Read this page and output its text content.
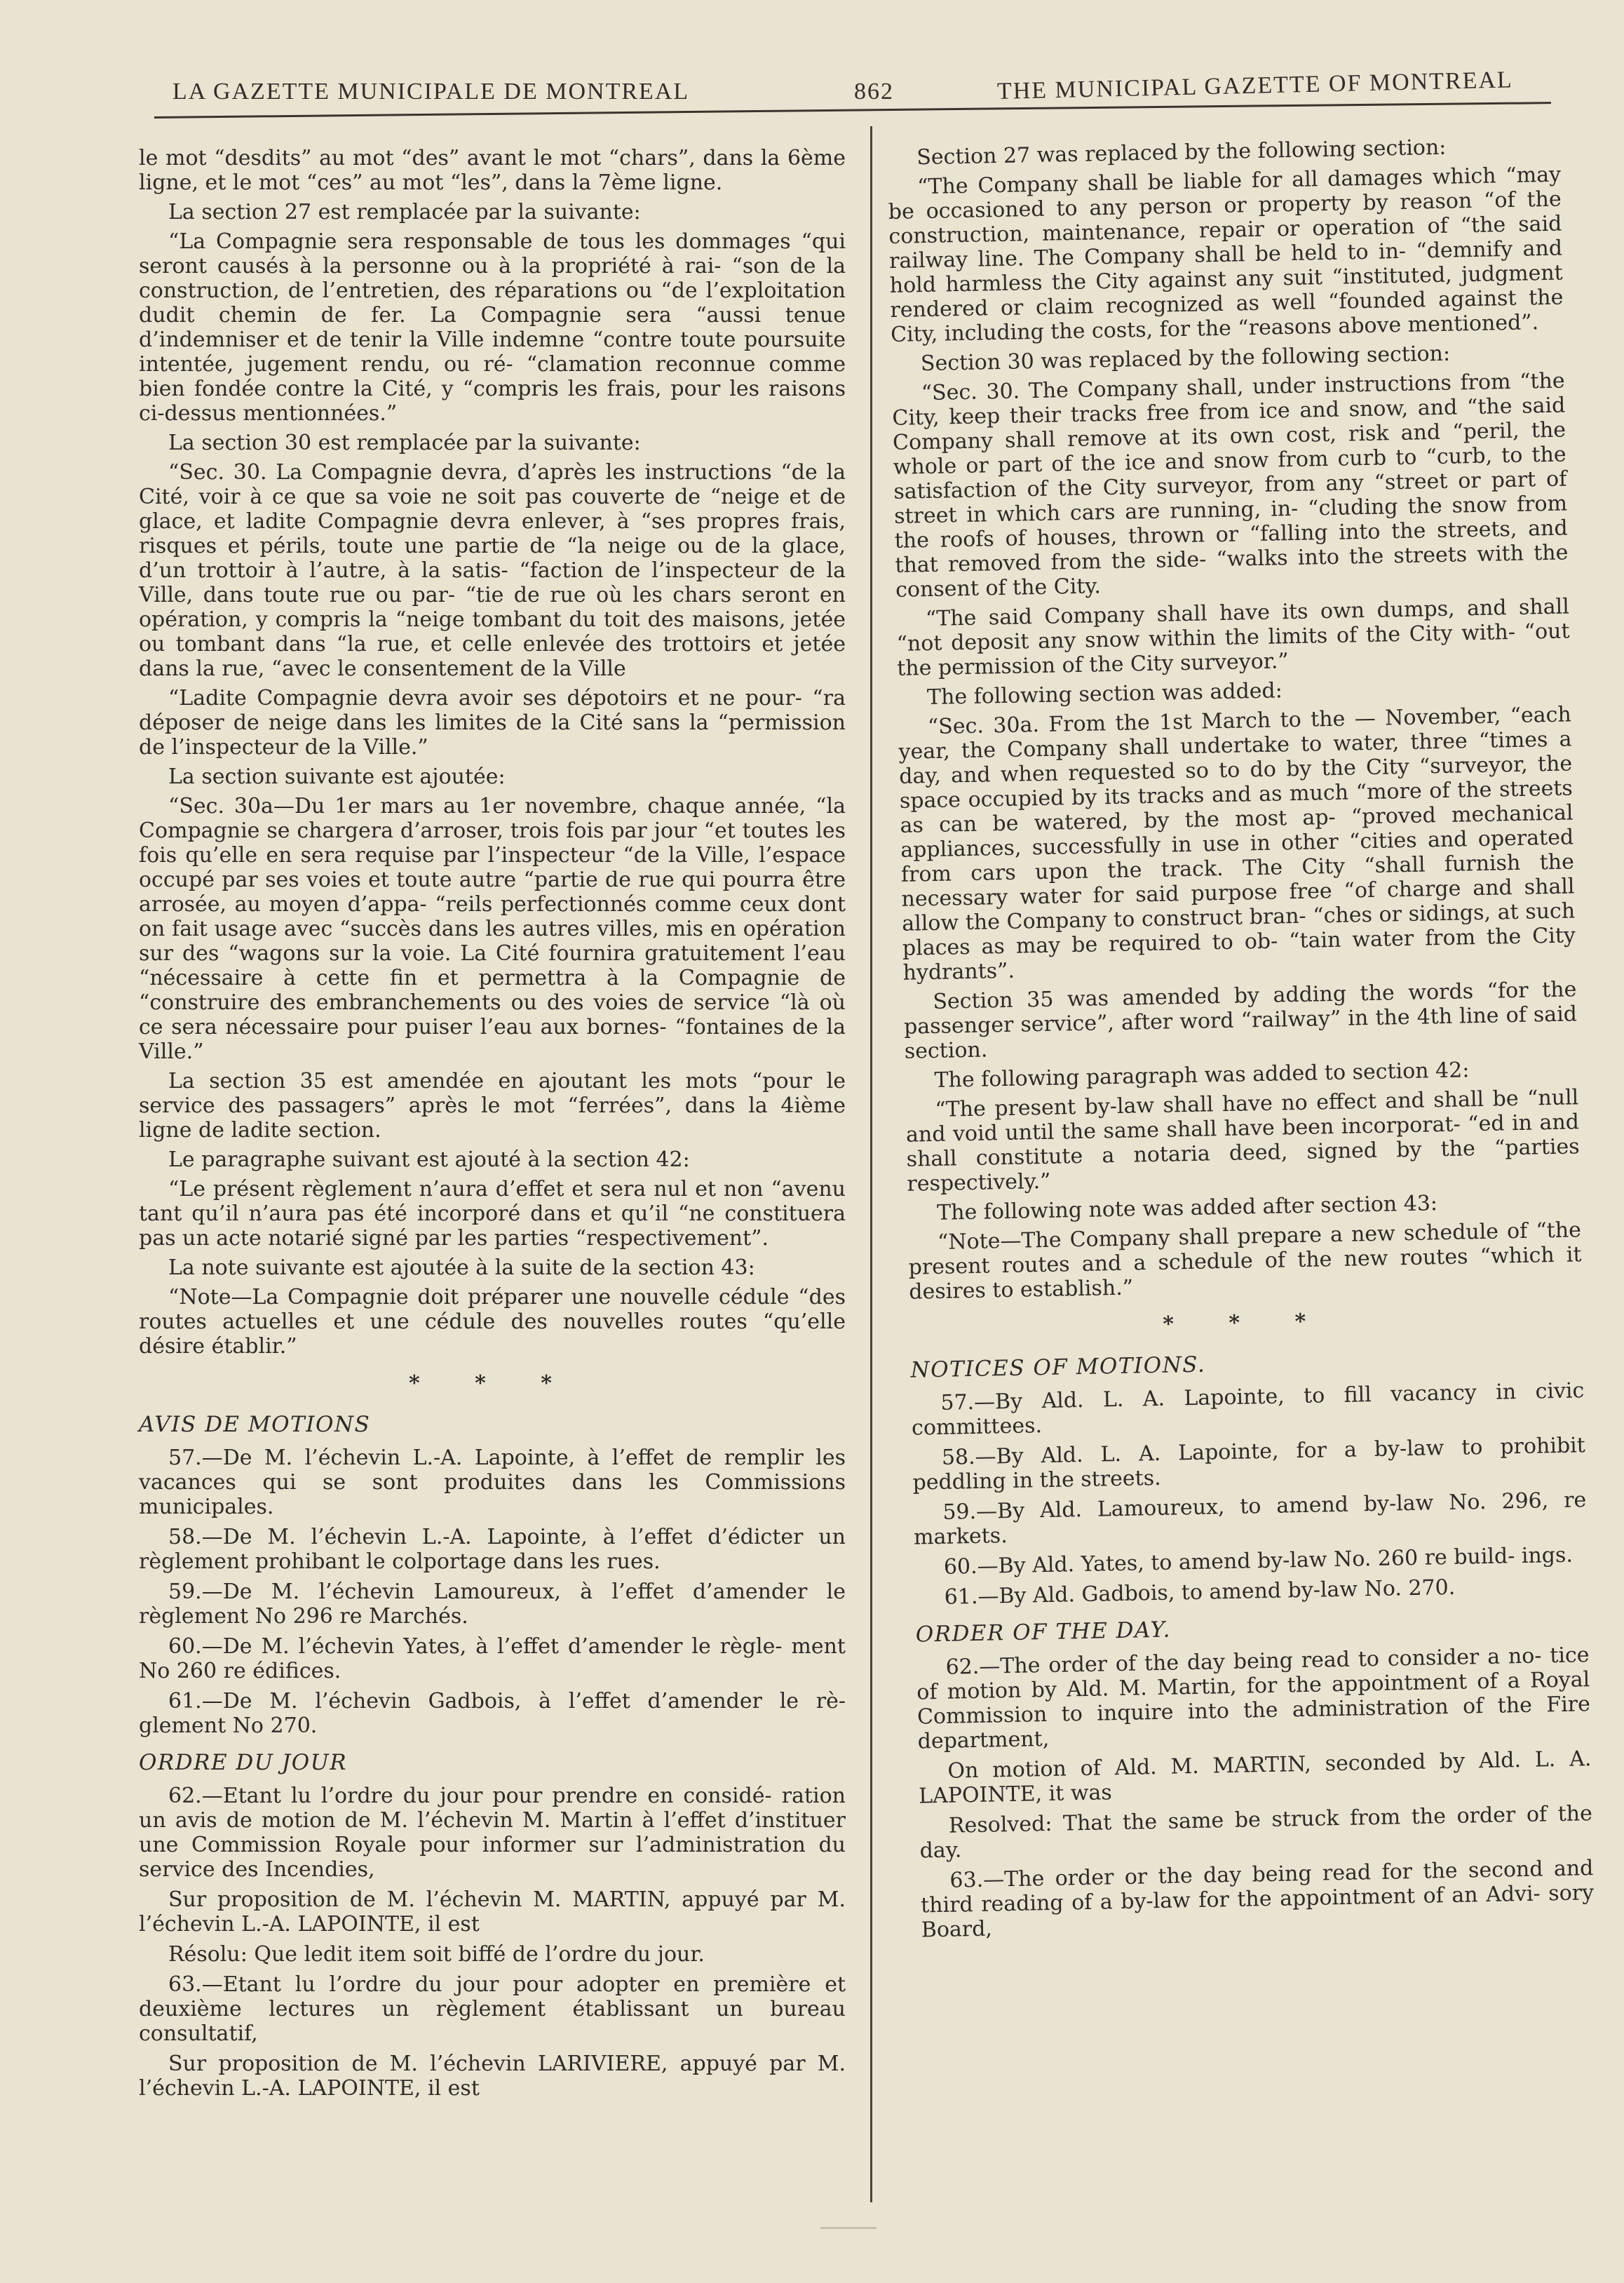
LA GAZETTE MUNICIPALE DE MONTREAL	862	THE MUNICIPAL GAZETTE OF MONTREAL

le mot “desdits” au mot “des” avant le mot “chars”, dans la 6ème ligne, et le mot “ces” au mot “les”, dans la 7ème ligne.

La section 27 est remplacée par la suivante:

“La Compagnie sera responsable de tous les dommages “qui seront causés à la personne ou à la propriété à rai- “son de la construction, de l’entretien, des réparations ou “de l’exploitation dudit chemin de fer. La Compagnie sera “aussi tenue d’indemniser et de tenir la Ville indemne “contre toute poursuite intentée, jugement rendu, ou ré- “clamation reconnue comme bien fondée contre la Cité, y “compris les frais, pour les raisons ci-dessus mentionnées.”

La section 30 est remplacée par la suivante:

“Sec. 30. La Compagnie devra, d’après les instructions “de la Cité, voir à ce que sa voie ne soit pas couverte de “neige et de glace, et ladite Compagnie devra enlever, à “ses propres frais, risques et périls, toute une partie de “la neige ou de la glace, d’un trottoir à l’autre, à la satis- “faction de l’inspecteur de la Ville, dans toute rue ou par- “tie de rue où les chars seront en opération, y compris la “neige tombant du toit des maisons, jetée ou tombant dans “la rue, et celle enlevée des trottoirs et jetée dans la rue, “avec le consentement de la Ville

“Ladite Compagnie devra avoir ses dépotoirs et ne pour- “ra déposer de neige dans les limites de la Cité sans la “permission de l’inspecteur de la Ville.”

La section suivante est ajoutée:

“Sec. 30a—Du 1er mars au 1er novembre, chaque année, “la Compagnie se chargera d’arroser, trois fois par jour “et toutes les fois qu’elle en sera requise par l’inspecteur “de la Ville, l’espace occupé par ses voies et toute autre “partie de rue qui pourra être arrosée, au moyen d’appa- “reils perfectionnés comme ceux dont on fait usage avec “succès dans les autres villes, mis en opération sur des “wagons sur la voie. La Cité fournira gratuitement l’eau “nécessaire à cette fin et permettra à la Compagnie de “construire des embranchements ou des voies de service “là où ce sera nécessaire pour puiser l’eau aux bornes- “fontaines de la Ville.”

La section 35 est amendée en ajoutant les mots “pour le service des passagers” après le mot “ferrées”, dans la 4ième ligne de ladite section.

Le paragraphe suivant est ajouté à la section 42:

“Le présent règlement n’aura d’effet et sera nul et non “avenu tant qu’il n’aura pas été incorporé dans et qu’il “ne constituera pas un acte notarié signé par les parties “respectivement”.

La note suivante est ajoutée à la suite de la section 43:

“Note—La Compagnie doit préparer une nouvelle cédule “des routes actuelles et une cédule des nouvelles routes “qu’elle désire établir.”

* * *
AVIS DE MOTIONS

57.—De M. l’échevin L.-A. Lapointe, à l’effet de remplir les vacances qui se sont produites dans les Commissions municipales.

58.—De M. l’échevin L.-A. Lapointe, à l’effet d’édicter un règlement prohibant le colportage dans les rues.

59.—De M. l’échevin Lamoureux, à l’effet d’amender le règlement No 296 re Marchés.

60.—De M. l’échevin Yates, à l’effet d’amender le règle- ment No 260 re édifices.

61.—De M. l’échevin Gadbois, à l’effet d’amender le rè- glement No 270.

ORDRE DU JOUR

62.—Etant lu l’ordre du jour pour prendre en considé- ration un avis de motion de M. l’échevin M. Martin à l’effet d’instituer une Commission Royale pour informer sur l’administration du service des Incendies,

Sur proposition de M. l’échevin M. MARTIN, appuyé par M. l’échevin L.-A. LAPOINTE, il est

Résolu: Que ledit item soit biffé de l’ordre du jour.

63.—Etant lu l’ordre du jour pour adopter en première et deuxième lectures un règlement établissant un bureau consultatif,

Sur proposition de M. l’échevin LARIVIERE, appuyé par M. l’échevin L.-A. LAPOINTE, il est

Section 27 was replaced by the following section:

“The Company shall be liable for all damages which “may be occasioned to any person or property by reason “of the construction, maintenance, repair or operation of “the said railway line. The Company shall be held to in- “demnify and hold harmless the City against any suit “instituted, judgment rendered or claim recognized as well “founded against the City, including the costs, for the “reasons above mentioned”.

Section 30 was replaced by the following section:

“Sec. 30. The Company shall, under instructions from “the City, keep their tracks free from ice and snow, and “the said Company shall remove at its own cost, risk and “peril, the whole or part of the ice and snow from curb to “curb, to the satisfaction of the City surveyor, from any “street or part of street in which cars are running, in- “cluding the snow from the roofs of houses, thrown or “falling into the streets, and that removed from the side- “walks into the streets with the consent of the City.

“The said Company shall have its own dumps, and shall “not deposit any snow within the limits of the City with- “out the permission of the City surveyor.”

The following section was added:

“Sec. 30a. From the 1st March to the — November, “each year, the Company shall undertake to water, three “times a day, and when requested so to do by the City “surveyor, the space occupied by its tracks and as much “more of the streets as can be watered, by the most ap- “proved mechanical appliances, successfully in use in other “cities and operated from cars upon the track. The City “shall furnish the necessary water for said purpose free “of charge and shall allow the Company to construct bran- “ches or sidings, at such places as may be required to ob- “tain water from the City hydrants”.

Section 35 was amended by adding the words “for the passenger service”, after word “railway” in the 4th line of said section.

The following paragraph was added to section 42:

“The present by-law shall have no effect and shall be “null and void until the same shall have been incorporat- “ed in and shall constitute a notaria deed, signed by the “parties respectively.”

The following note was added after section 43:

“Note—The Company shall prepare a new schedule of “the present routes and a schedule of the new routes “which it desires to establish.”

* * *
NOTICES OF MOTIONS.

57.—By Ald. L. A. Lapointe, to fill vacancy in civic committees.

58.—By Ald. L. A. Lapointe, for a by-law to prohibit peddling in the streets.

59.—By Ald. Lamoureux, to amend by-law No. 296, re markets.

60.—By Ald. Yates, to amend by-law No. 260 re build- ings.

61.—By Ald. Gadbois, to amend by-law No. 270.

ORDER OF THE DAY.

62.—The order of the day being read to consider a no- tice of motion by Ald. M. Martin, for the appointment of a Royal Commission to inquire into the administration of the Fire department,

On motion of Ald. M. MARTIN, seconded by Ald. L. A. LAPOINTE, it was

Resolved: That the same be struck from the order of the day.

63.—The order or the day being read for the second and third reading of a by-law for the appointment of an Advi- sory Board,
